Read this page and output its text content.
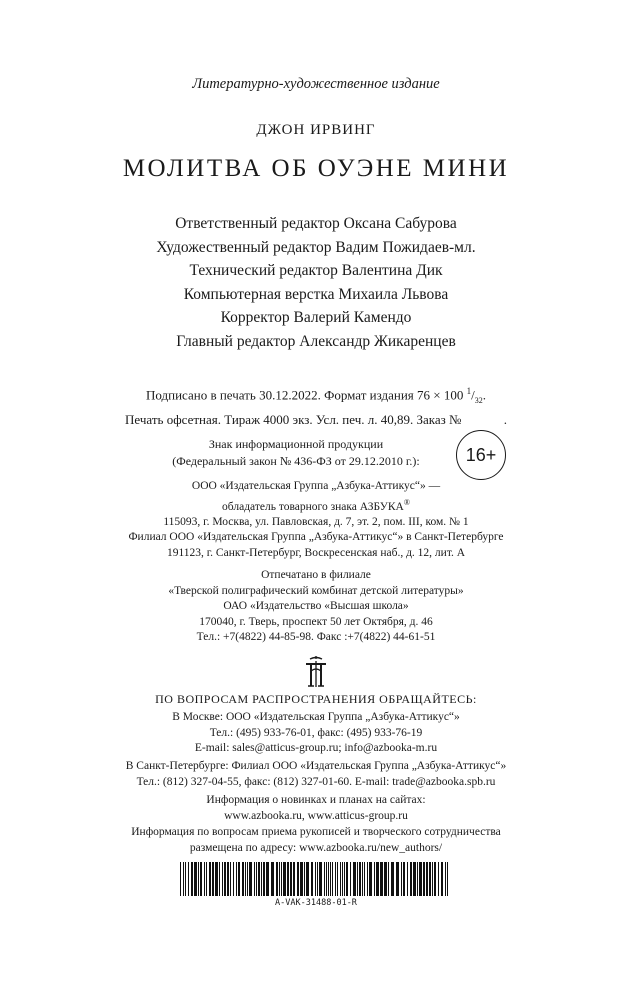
Литературно-художественное издание
ДЖОН ИРВИНГ
МОЛИТВА ОБ ОУЭНЕ МИНИ
Ответственный редактор Оксана Сабурова
Художественный редактор Вадим Пожидаев-мл.
Технический редактор Валентина Дик
Компьютерная верстка Михаила Львова
Корректор Валерий Камендо
Главный редактор Александр Жикаренцев
Подписано в печать 30.12.2022. Формат издания 76 × 100 $^1/_{32}$.
Печать офсетная. Тираж 4000 экз. Усл. печ. л. 40,89. Заказ №             .
Знак информационной продукции
(Федеральный закон № 436-ФЗ от 29.12.2010 г.):	16+
ООО «Издательская Группа „Азбука-Аттикус“» —
обладатель товарного знака АЗБУКА®
115093, г. Москва, ул. Павловская, д. 7, эт. 2, пом. III, ком. № 1
Филиал ООО «Издательская Группа „Азбука-Аттикус“» в Санкт-Петербурге
191123, г. Санкт-Петербург, Воскресенская наб., д. 12, лит. А
Отпечатано в филиале
«Тверской полиграфический комбинат детской литературы»
ОАО «Издательство «Высшая школа»
170040, г. Тверь, проспект 50 лет Октября, д. 46
Тел.: +7(4822) 44-85-98. Факс :+7(4822) 44-61-51
ПО ВОПРОСАМ РАСПРОСТРАНЕНИЯ ОБРАЩАЙТЕСЬ:
В Москве: ООО «Издательская Группа „Азбука-Аттикус“»
Тел.: (495) 933-76-01, факс: (495) 933-76-19
E-mail: sales@atticus-group.ru; info@azbooka-m.ru
В Санкт-Петербурге: Филиал ООО «Издательская Группа „Азбука-Аттикус“»
Тел.: (812) 327-04-55, факс: (812) 327-01-60. E-mail: trade@azbooka.spb.ru
Информация о новинках и планах на сайтах:
www.azbooka.ru, www.atticus-group.ru
Информация по вопросам приема рукописей и творческого сотрудничества
размещена по адресу: www.azbooka.ru/new_authors/
A-VAK-31488-01-R
